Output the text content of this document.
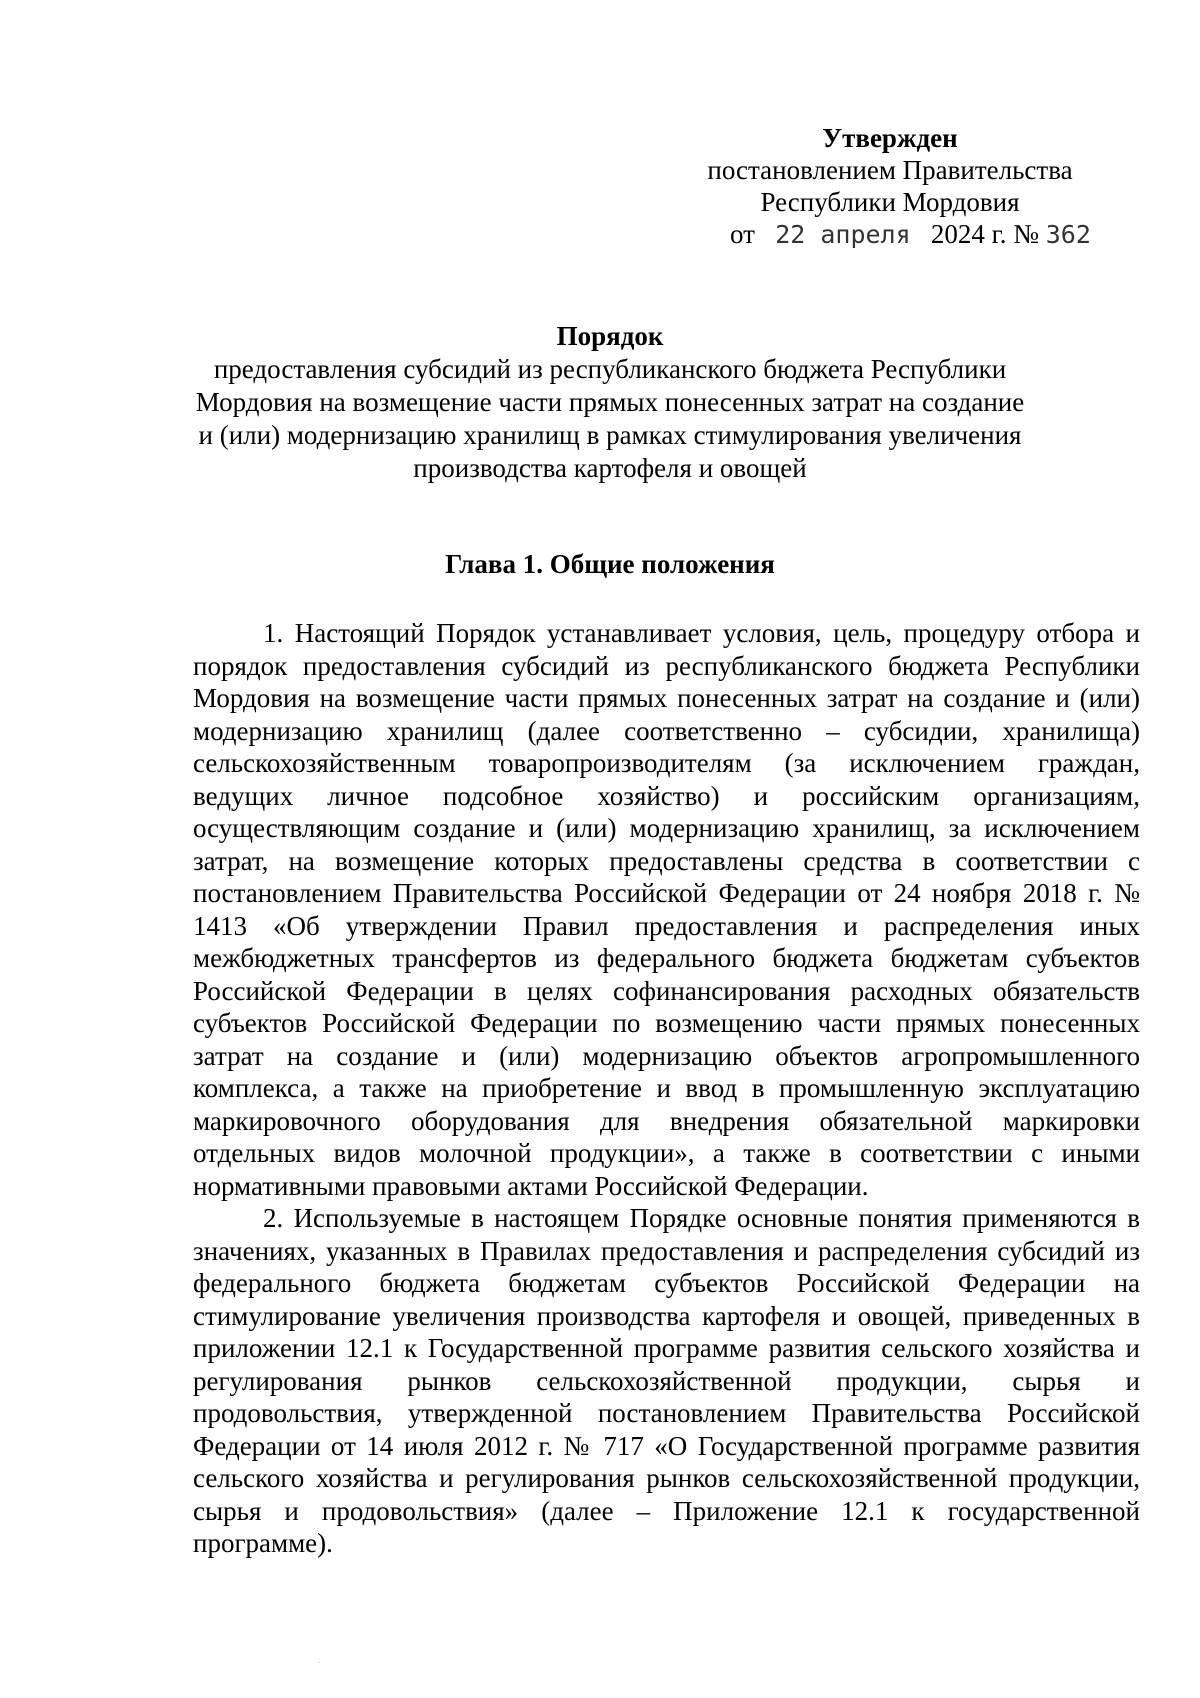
Утвержден
постановлением Правительства
Республики Мордовия
от 22 апреля 2024 г. № 362
Порядок
предоставления субсидий из республиканского бюджета Республики Мордовия на возмещение части прямых понесенных затрат на создание и (или) модернизацию хранилищ в рамках стимулирования увеличения производства картофеля и овощей
Глава 1. Общие положения

1. Настоящий Порядок устанавливает условия, цель, процедуру отбора и порядок предоставления субсидий из республиканского бюджета Республики Мордовия на возмещение части прямых понесенных затрат на создание и (или) модернизацию хранилищ (далее соответственно – субсидии, хранилища) сельскохозяйственным товаропроизводителям (за исключением граждан, ведущих личное подсобное хозяйство) и российским организациям, осуществляющим создание и (или) модернизацию хранилищ, за исключением затрат, на возмещение которых предоставлены средства в соответствии с постановлением Правительства Российской Федерации от 24 ноября 2018 г. № 1413 «Об утверждении Правил предоставления и распределения иных межбюджетных трансфертов из федерального бюджета бюджетам субъектов Российской Федерации в целях софинансирования расходных обязательств субъектов Российской Федерации по возмещению части прямых понесенных затрат на создание и (или) модернизацию объектов агропромышленного комплекса, а также на приобретение и ввод в промышленную эксплуатацию маркировочного оборудования для внедрения обязательной маркировки отдельных видов молочной продукции», а также в соответствии с иными нормативными правовыми актами Российской Федерации.

2. Используемые в настоящем Порядке основные понятия применяются в значениях, указанных в Правилах предоставления и распределения субсидий из федерального бюджета бюджетам субъектов Российской Федерации на стимулирование увеличения производства картофеля и овощей, приведенных в приложении 12.1 к Государственной программе развития сельского хозяйства и регулирования рынков сельскохозяйственной продукции, сырья и продовольствия, утвержденной постановлением Правительства Российской Федерации от 14 июля 2012 г. № 717 «О Государственной программе развития сельского хозяйства и регулирования рынков сельскохозяйственной продукции, сырья и продовольствия» (далее – Приложение 12.1 к государственной программе).

.
